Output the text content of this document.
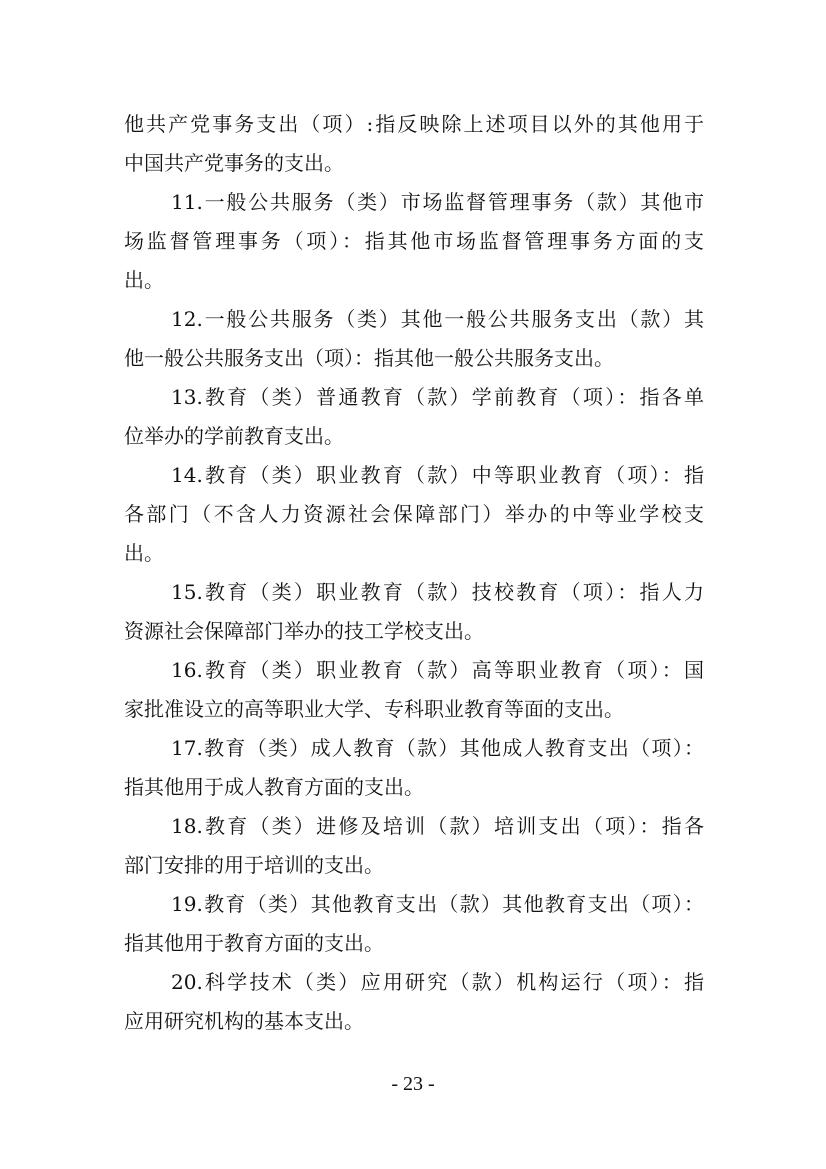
他共产党事务支出（项）:指反映除上述项目以外的其他用于
中国共产党事务的支出。
11.一般公共服务（类）市场监督管理事务（款）其他市
场监督管理事务（项）：指其他市场监督管理事务方面的支
出。
12.一般公共服务（类）其他一般公共服务支出（款）其
他一般公共服务支出（项）：指其他一般公共服务支出。
13.教育（类）普通教育（款）学前教育（项）：指各单
位举办的学前教育支出。
14.教育（类）职业教育（款）中等职业教育（项）：指
各部门（不含人力资源社会保障部门）举办的中等业学校支
出。
15.教育（类）职业教育（款）技校教育（项）：指人力
资源社会保障部门举办的技工学校支出。
16.教育（类）职业教育（款）高等职业教育（项）：国
家批准设立的高等职业大学、专科职业教育等面的支出。
17.教育（类）成人教育（款）其他成人教育支出（项）：
指其他用于成人教育方面的支出。
18.教育（类）进修及培训（款）培训支出（项）：指各
部门安排的用于培训的支出。
19.教育（类）其他教育支出（款）其他教育支出（项）：
指其他用于教育方面的支出。
20.科学技术（类）应用研究（款）机构运行（项）：指
应用研究机构的基本支出。
- 23 -
